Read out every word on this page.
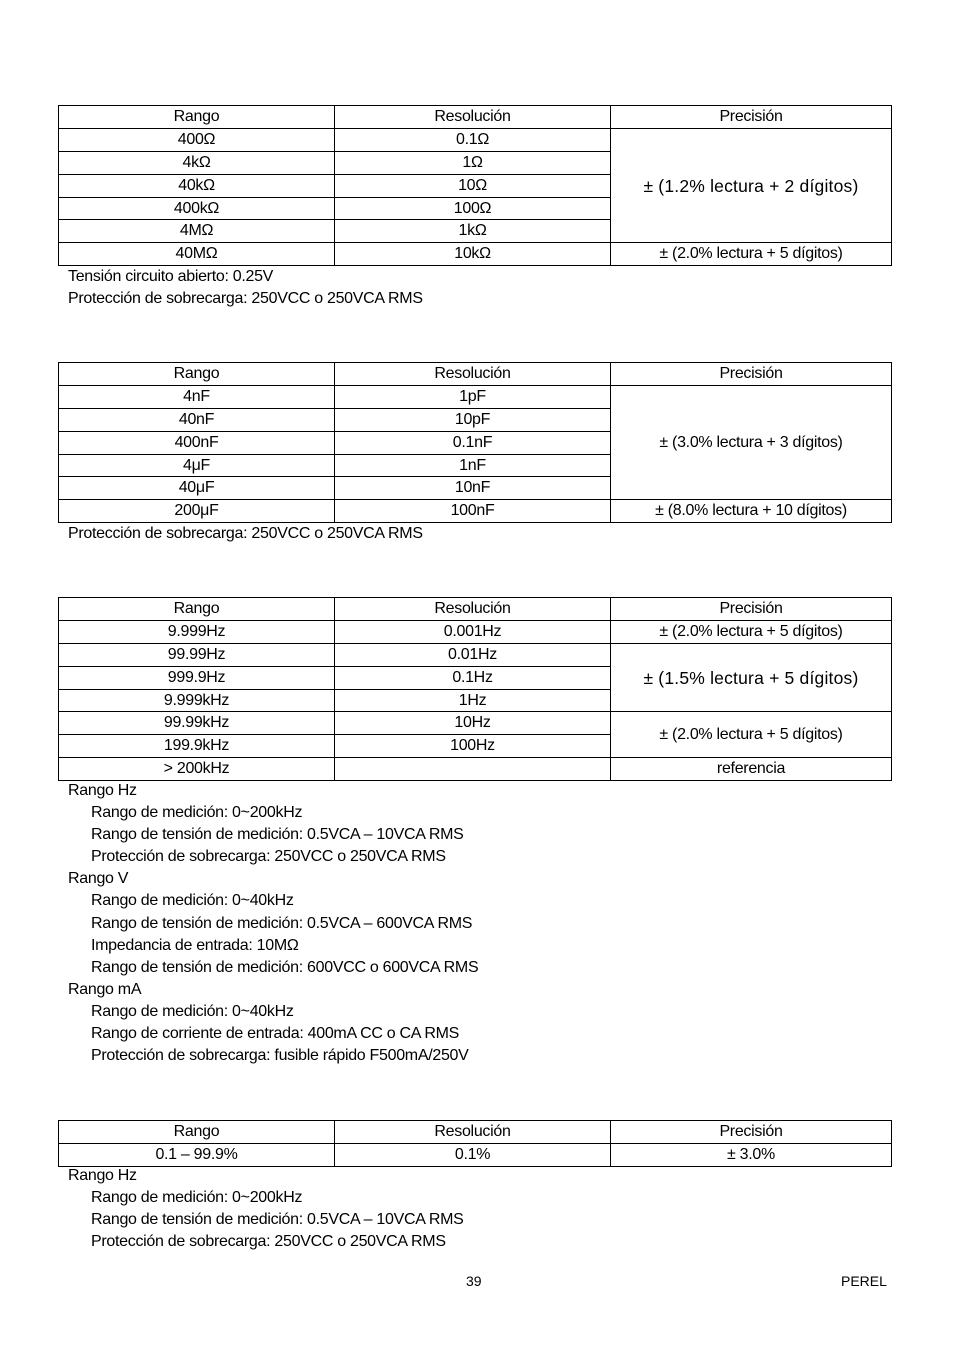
Rango	Resolución	Precisión
400Ω	0.1Ω	± (1.2% lectura + 2 dígitos)
4kΩ	1Ω	
40kΩ	10Ω	
400kΩ	100Ω	
4MΩ	1kΩ	
40MΩ	10kΩ	± (2.0% lectura + 5 dígitos)
Tensión circuito abierto: 0.25V
Protección de sobrecarga: 250VCC o 250VCA RMS
Rango	Resolución	Precisión
4nF	1pF	± (3.0% lectura + 3 dígitos)
40nF	10pF	
400nF	0.1nF	
4μF	1nF	
40μF	10nF	
200μF	100nF	± (8.0% lectura + 10 dígitos)
Protección de sobrecarga: 250VCC o 250VCA RMS
Rango	Resolución	Precisión
9.999Hz	0.001Hz	± (2.0% lectura + 5 dígitos)
99.99Hz	0.01Hz	± (1.5% lectura + 5 dígitos)
999.9Hz	0.1Hz	
9.999kHz	1Hz	
99.99kHz	10Hz	± (2.0% lectura + 5 dígitos)
199.9kHz	100Hz	
> 200kHz		referencia
Rango Hz
Rango de medición: 0~200kHz
Rango de tensión de medición: 0.5VCA – 10VCA RMS
Protección de sobrecarga: 250VCC o 250VCA RMS
Rango V
Rango de medición: 0~40kHz
Rango de tensión de medición: 0.5VCA – 600VCA RMS
Impedancia de entrada: 10MΩ
Rango de tensión de medición: 600VCC o 600VCA RMS
Rango mA
Rango de medición: 0~40kHz
Rango de corriente de entrada: 400mA CC o CA RMS
Protección de sobrecarga: fusible rápido F500mA/250V
Rango	Resolución	Precisión
0.1 – 99.9%	0.1%	± 3.0%
Rango Hz
Rango de medición: 0~200kHz
Rango de tensión de medición: 0.5VCA – 10VCA RMS
Protección de sobrecarga: 250VCC o 250VCA RMS
39	PEREL
